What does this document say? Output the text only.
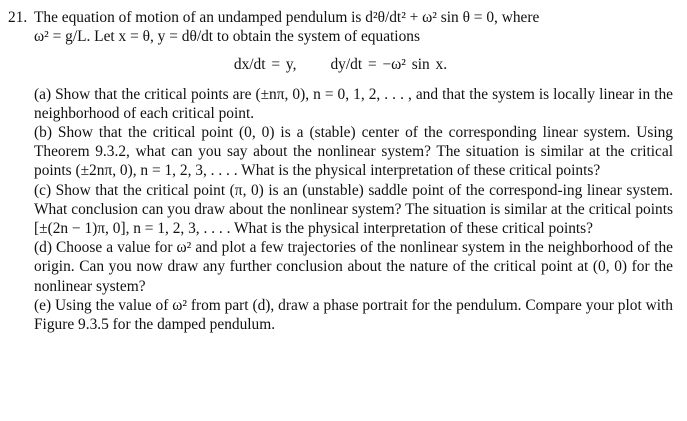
21. The equation of motion of an undamped pendulum is d²θ/dt² + ω² sin θ = 0, where
ω² = g/L. Let x = θ, y = dθ/dt to obtain the system of equations
dx/dt = y, dy/dt = −ω² sin x.

(a) Show that the critical points are (±nπ, 0), n = 0, 1, 2, . . . , and that the system is locally linear in the neighborhood of each critical point.

(b) Show that the critical point (0, 0) is a (stable) center of the corresponding linear system. Using Theorem 9.3.2, what can you say about the nonlinear system? The situation is similar at the critical points (±2nπ, 0), n = 1, 2, 3, . . . . What is the physical interpretation of these critical points?

(c) Show that the critical point (π, 0) is an (unstable) saddle point of the correspond-ing linear system. What conclusion can you draw about the nonlinear system? The situation is similar at the critical points [±(2n − 1)π, 0], n = 1, 2, 3, . . . . What is the physical interpretation of these critical points?

(d) Choose a value for ω² and plot a few trajectories of the nonlinear system in the neighborhood of the origin. Can you now draw any further conclusion about the nature of the critical point at (0, 0) for the nonlinear system?

(e) Using the value of ω² from part (d), draw a phase portrait for the pendulum. Compare your plot with Figure 9.3.5 for the damped pendulum.
